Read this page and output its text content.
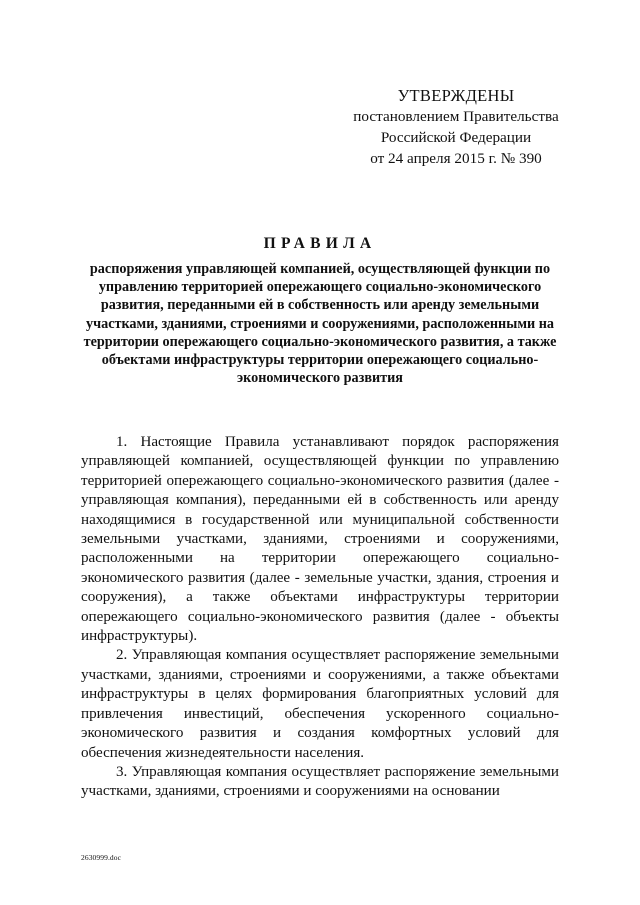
УТВЕРЖДЕНЫ
постановлением Правительства
Российской Федерации
от 24 апреля 2015 г. № 390
ПРАВИЛА

распоряжения управляющей компанией, осуществляющей функции по управлению территорией опережающего социально-экономического развития, переданными ей в собственность или аренду земельными участками, зданиями, строениями и сооружениями, расположенными на территории опережающего социально-экономического развития, а также объектами инфраструктуры территории опережающего социально-экономического развития

1. Настоящие Правила устанавливают порядок распоряжения управляющей компанией, осуществляющей функции по управлению территорией опережающего социально-экономического развития (далее - управляющая компания), переданными ей в собственность или аренду находящимися в государственной или муниципальной собственности земельными участками, зданиями, строениями и сооружениями, расположенными на территории опережающего социально-экономического развития (далее - земельные участки, здания, строения и сооружения), а также объектами инфраструктуры территории опережающего социально-экономического развития (далее - объекты инфраструктуры).

2. Управляющая компания осуществляет распоряжение земельными участками, зданиями, строениями и сооружениями, а также объектами инфраструктуры в целях формирования благоприятных условий для привлечения инвестиций, обеспечения ускоренного социально-экономического развития и создания комфортных условий для обеспечения жизнедеятельности населения.

3. Управляющая компания осуществляет распоряжение земельными участками, зданиями, строениями и сооружениями на основании

2630999.doc
